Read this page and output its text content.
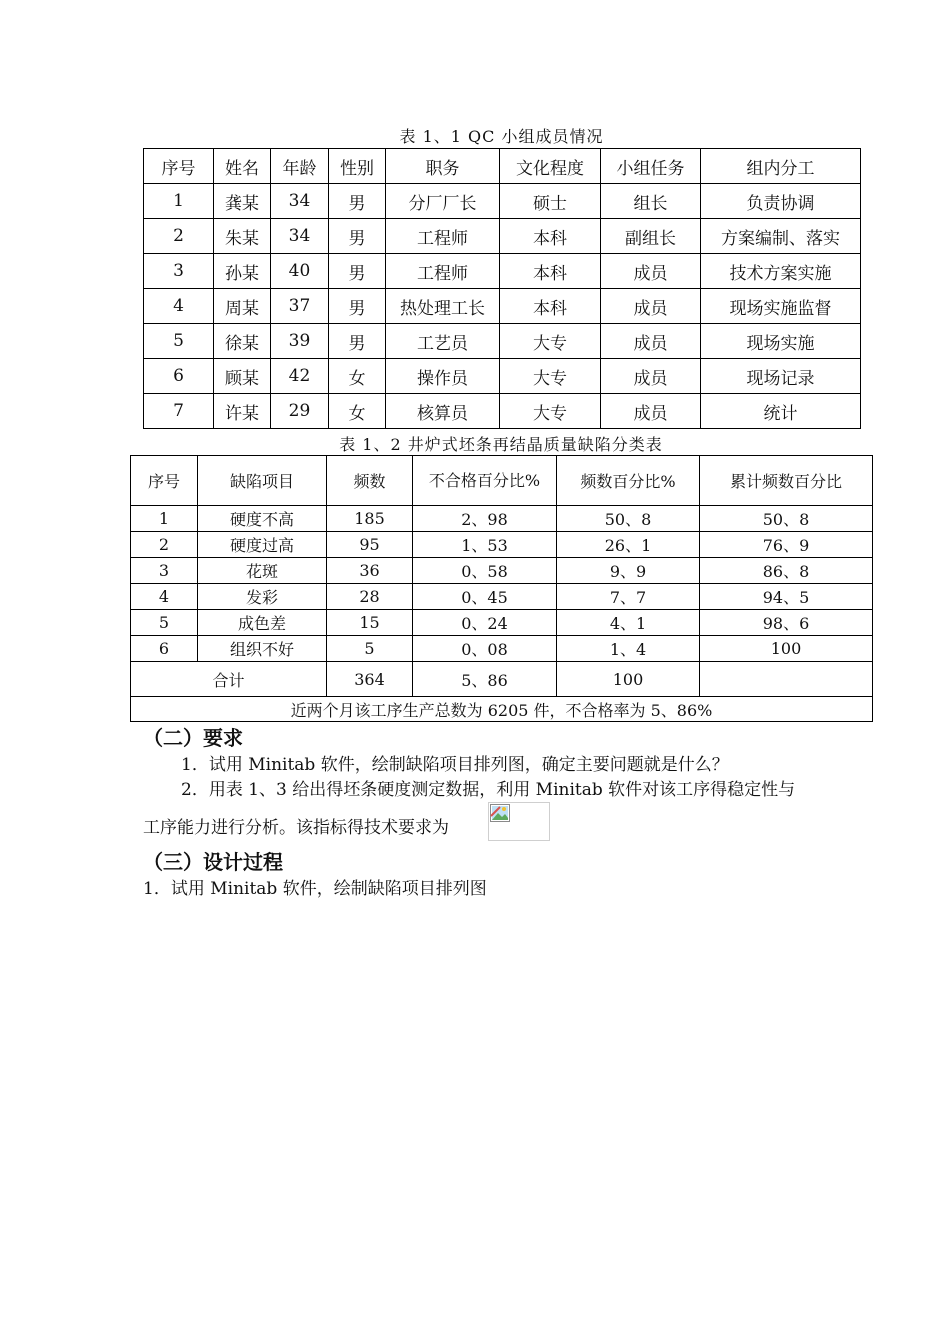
表 1、1 QC 小组成员情况
序号	姓名	年龄	性别	职务	文化程度	小组任务	组内分工
1	龚某	34	男	分厂厂长	硕士	组长	负责协调
2	朱某	34	男	工程师	本科	副组长	方案编制、落实
3	孙某	40	男	工程师	本科	成员	技术方案实施
4	周某	37	男	热处理工长	本科	成员	现场实施监督
5	徐某	39	男	工艺员	大专	成员	现场实施
6	顾某	42	女	操作员	大专	成员	现场记录
7	许某	29	女	核算员	大专	成员	统计
表 1、2 井炉式坯条再结晶质量缺陷分类表
序号	缺陷项目	频数	不合格百分比%	频数百分比%	累计频数百分比
1	硬度不高	185	2、98	50、8	50、8
2	硬度过高	95	1、53	26、1	76、9
3	花斑	36	0、58	9、9	86、8
4	发彩	28	0、45	7、7	94、5
5	成色差	15	0、24	4、1	98、6
6	组织不好	5	0、08	1、4	100
合计		364	5、86	100	
近两个月该工序生产总数为 6205 件，不合格率为 5、86%					
（二）要求
1．试用 Minitab 软件，绘制缺陷项目排列图，确定主要问题就是什么？
2．用表 1、3 给出得坯条硬度测定数据，利用 Minitab 软件对该工序得稳定性与
工序能力进行分析。该指标得技术要求为
（三）设计过程
1．试用 Minitab 软件，绘制缺陷项目排列图
